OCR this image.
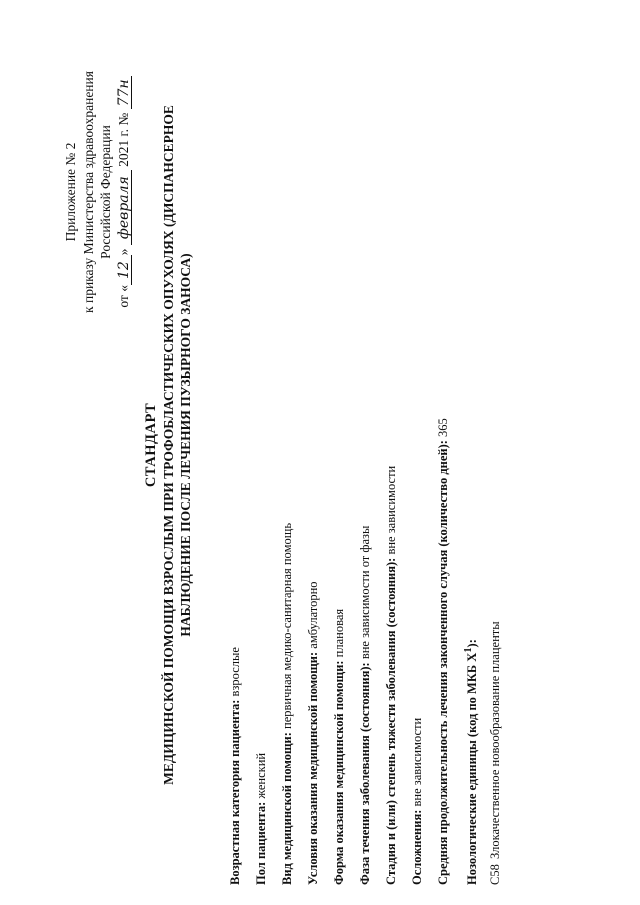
Приложение № 2 к приказу Министерства здравоохранения Российской Федерации
от «12» февраля 2021 г. № 77н
СТАНДАРТ МЕДИЦИНСКОЙ ПОМОЩИ ВЗРОСЛЫМ ПРИ ТРОФОБЛАСТИЧЕСКИХ ОПУХОЛЯХ (ДИСПАНСЕРНОЕ НАБЛЮДЕНИЕ ПОСЛЕ ЛЕЧЕНИЯ ПУЗЫРНОГО ЗАНОСА)
Возрастная категория пациента: взрослые
Пол пациента: женский Вид медицинской помощи: первичная медико-санитарная помощь
Условия оказания медицинской помощи: амбулаторно
Форма оказания медицинской помощи: плановая
Фаза течения заболевания (состояния): вне зависимости от фазы Стадия и (или) степень тяжести заболевания (состояния): вне зависимости
Осложнения: вне зависимости Средняя продолжительность лечения законченного случая (количество дней): 365
Нозологические единицы (код по МКБ $X^1$):
C58Злокачественное новообразование плаценты
